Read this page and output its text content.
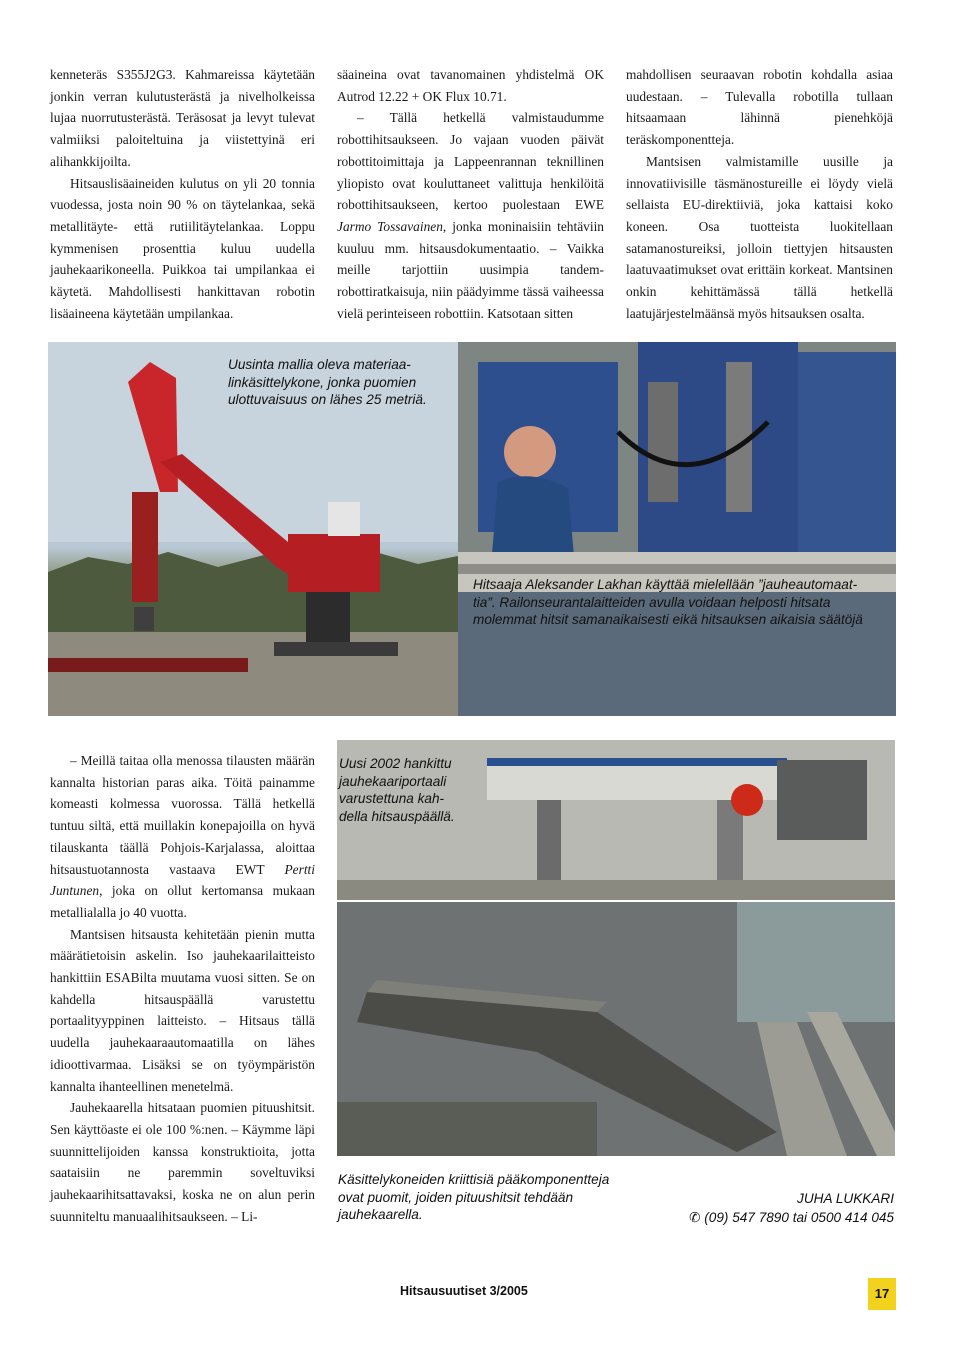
kenneteräs S355J2G3. Kahmareissa käytetään jonkin verran kulutusterästä ja nivelholkeissa lujaa nuorrutusterästä. Teräsosat ja levyt tulevat valmiiksi paloiteltuina ja viistettyinä eri alihankkijoilta.

Hitsauslisäaineiden kulutus on yli 20 tonnia vuodessa, josta noin 90 % on täytelankaa, sekä metallitäyte- että rutiilitäytelankaa. Loppu kymmenisen prosenttia kuluu uudella jauhekaarikoneella. Puikkoa tai umpilankaa ei käytetä. Mahdollisesti hankittavan robotin lisäaineena käytetään umpilankaa.

säaineina ovat tavanomainen yhdistelmä OK Autrod 12.22 + OK Flux 10.71.

– Tällä hetkellä valmistaudumme robottihitsaukseen. Jo vajaan vuoden päivät robottitoimittaja ja Lappeenrannan teknillinen yliopisto ovat kouluttaneet valittuja henkilöitä robottihitsaukseen, kertoo puolestaan EWE Jarmo Tossavainen, jonka moninaisiin tehtäviin kuuluu mm. hitsausdokumentaatio. – Vaikka meille tarjottiin uusimpia tandem-robottiratkaisuja, niin päädyimme tässä vaiheessa vielä perinteiseen robottiin. Katsotaan sitten

mahdollisen seuraavan robotin kohdalla asiaa uudestaan. – Tulevalla robotilla tullaan hitsaamaan lähinnä pienehköjä teräskomponentteja.

Mantsisen valmistamille uusille ja innovatiivisille täsmänostureille ei löydy vielä sellaista EU-direktiiviä, joka kattaisi koko koneen. Osa tuotteista luokitellaan satamanostureiksi, jolloin tiettyjen hitsausten laatuvaatimukset ovat erittäin korkeat. Mantsinen onkin kehittämässä tällä hetkellä laatujärjestelmäänsä myös hitsauksen osalta.

Uusinta mallia oleva materiaa-
linkäsittelykone, jonka puomien
ulottuvaisuus on lähes 25 metriä.
Hitsaaja Aleksander Lakhan käyttää mielellään ”jauheautomaat-
tia”. Railonseurantalaitteiden avulla voidaan helposti hitsata
molemmat hitsit samanaikaisesti eikä hitsauksen aikaisia säätöjä

– Meillä taitaa olla menossa tilausten määrän kannalta historian paras aika. Töitä painamme komeasti kolmessa vuorossa. Tällä hetkellä tuntuu siltä, että muillakin konepajoilla on hyvä tilauskanta täällä Pohjois-Karjalassa, aloittaa hitsaustuotannosta vastaava EWT Pertti Juntunen, joka on ollut kertomansa mukaan metallialalla jo 40 vuotta.

Mantsisen hitsausta kehitetään pienin mutta määrätietoisin askelin. Iso jauhekaarilaitteisto hankittiin ESABilta muutama vuosi sitten. Se on kahdella hitsauspäällä varustettu portaalityyppinen laitteisto. – Hitsaus tällä uudella jauhekaaraautomaatilla on lähes idioottivarmaa. Lisäksi se on työympäristön kannalta ihanteellinen menetelmä.

Jauhekaarella hitsataan puomien pituushitsit. Sen käyttöaste ei ole 100 %:nen. – Käymme läpi suunnittelijoiden kanssa konstruktioita, jotta saataisiin ne paremmin soveltuviksi jauhekaarihitsattavaksi, koska ne on alun perin suunniteltu manuaalihitsaukseen. – Li-

Uusi 2002 hankittu
jauhekaariportaali
varustettuna kah-
della hitsauspäällä.
Käsittelykoneiden kriittisiä pääkomponentteja
ovat puomit, joiden pituushitsit tehdään
jauhekaarella.
JUHA LUKKARI
✆ (09) 547 7890 tai 0500 414 045
Hitsausuutiset 3/2005	17
